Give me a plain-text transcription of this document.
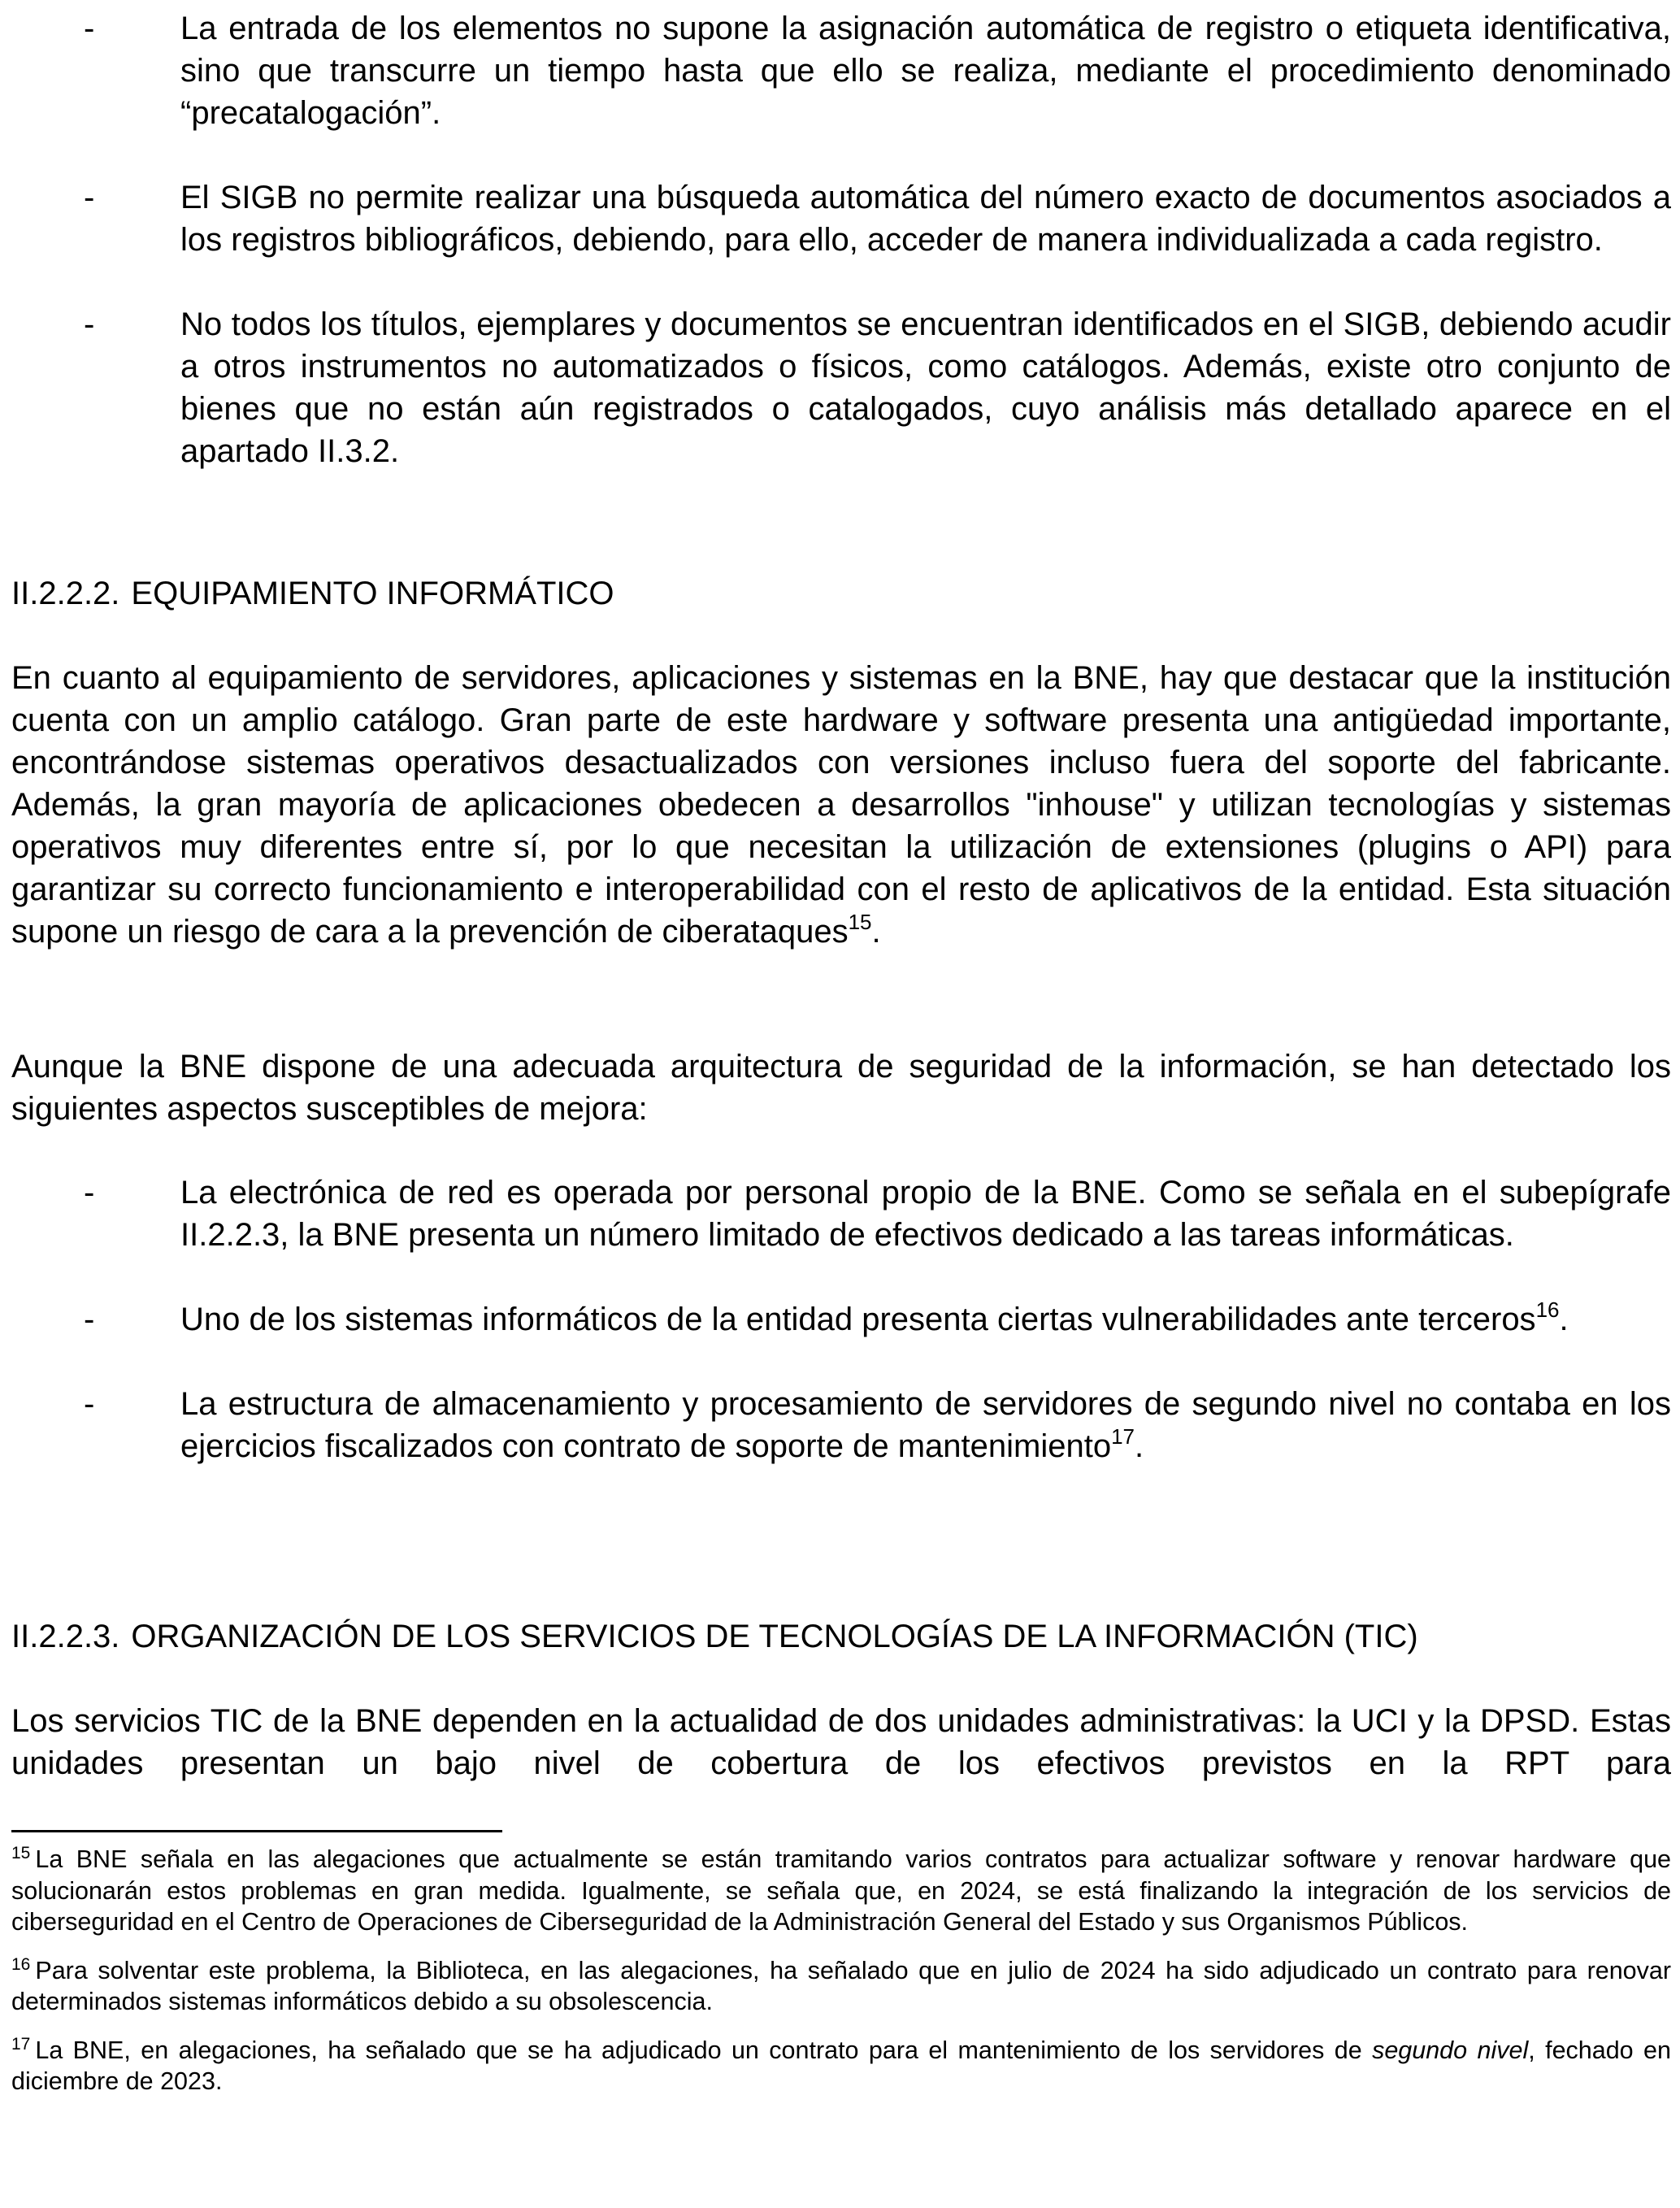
-	La entrada de los elementos no supone la asignación automática de registro o etiqueta identificativa, sino que transcurre un tiempo hasta que ello se realiza, mediante el procedimiento denominado “precatalogación”.

-	El SIGB no permite realizar una búsqueda automática del número exacto de documentos asociados a los registros bibliográficos, debiendo, para ello, acceder de manera individualizada a cada registro.

-	No todos los títulos, ejemplares y documentos se encuentran identificados en el SIGB, debiendo acudir a otros instrumentos no automatizados o físicos, como catálogos. Además, existe otro conjunto de bienes que no están aún registrados o catalogados, cuyo análisis más detallado aparece en el apartado II.3.2.

II.2.2.2. EQUIPAMIENTO INFORMÁTICO

En cuanto al equipamiento de servidores, aplicaciones y sistemas en la BNE, hay que destacar que la institución cuenta con un amplio catálogo. Gran parte de este hardware y software presenta una antigüedad importante, encontrándose sistemas operativos desactualizados con versiones incluso fuera del soporte del fabricante. Además, la gran mayoría de aplicaciones obedecen a desarrollos "inhouse" y utilizan tecnologías y sistemas operativos muy diferentes entre sí, por lo que necesitan la utilización de extensiones (plugins o API) para garantizar su correcto funcionamiento e interoperabilidad con el resto de aplicativos de la entidad. Esta situación supone un riesgo de cara a la prevención de ciberataques$^{15}$.

Aunque la BNE dispone de una adecuada arquitectura de seguridad de la información, se han detectado los siguientes aspectos susceptibles de mejora:

-	La electrónica de red es operada por personal propio de la BNE. Como se señala en el subepígrafe II.2.2.3, la BNE presenta un número limitado de efectivos dedicado a las tareas informáticas.

-	Uno de los sistemas informáticos de la entidad presenta ciertas vulnerabilidades ante terceros$^{16}$.

-	La estructura de almacenamiento y procesamiento de servidores de segundo nivel no contaba en los ejercicios fiscalizados con contrato de soporte de mantenimiento$^{17}$.

II.2.2.3. ORGANIZACIÓN DE LOS SERVICIOS DE TECNOLOGÍAS DE LA INFORMACIÓN (TIC)

Los servicios TIC de la BNE dependen en la actualidad de dos unidades administrativas: la UCI y la DPSD. Estas unidades presentan un bajo nivel de cobertura de los efectivos previstos en la RPT para

$^{15}$ La BNE señala en las alegaciones que actualmente se están tramitando varios contratos para actualizar software y renovar hardware que solucionarán estos problemas en gran medida. Igualmente, se señala que, en 2024, se está finalizando la integración de los servicios de ciberseguridad en el Centro de Operaciones de Ciberseguridad de la Administración General del Estado y sus Organismos Públicos.

$^{16}$ Para solventar este problema, la Biblioteca, en las alegaciones, ha señalado que en julio de 2024 ha sido adjudicado un contrato para renovar determinados sistemas informáticos debido a su obsolescencia.

$^{17}$ La BNE, en alegaciones, ha señalado que se ha adjudicado un contrato para el mantenimiento de los servidores de segundo nivel, fechado en diciembre de 2023.
